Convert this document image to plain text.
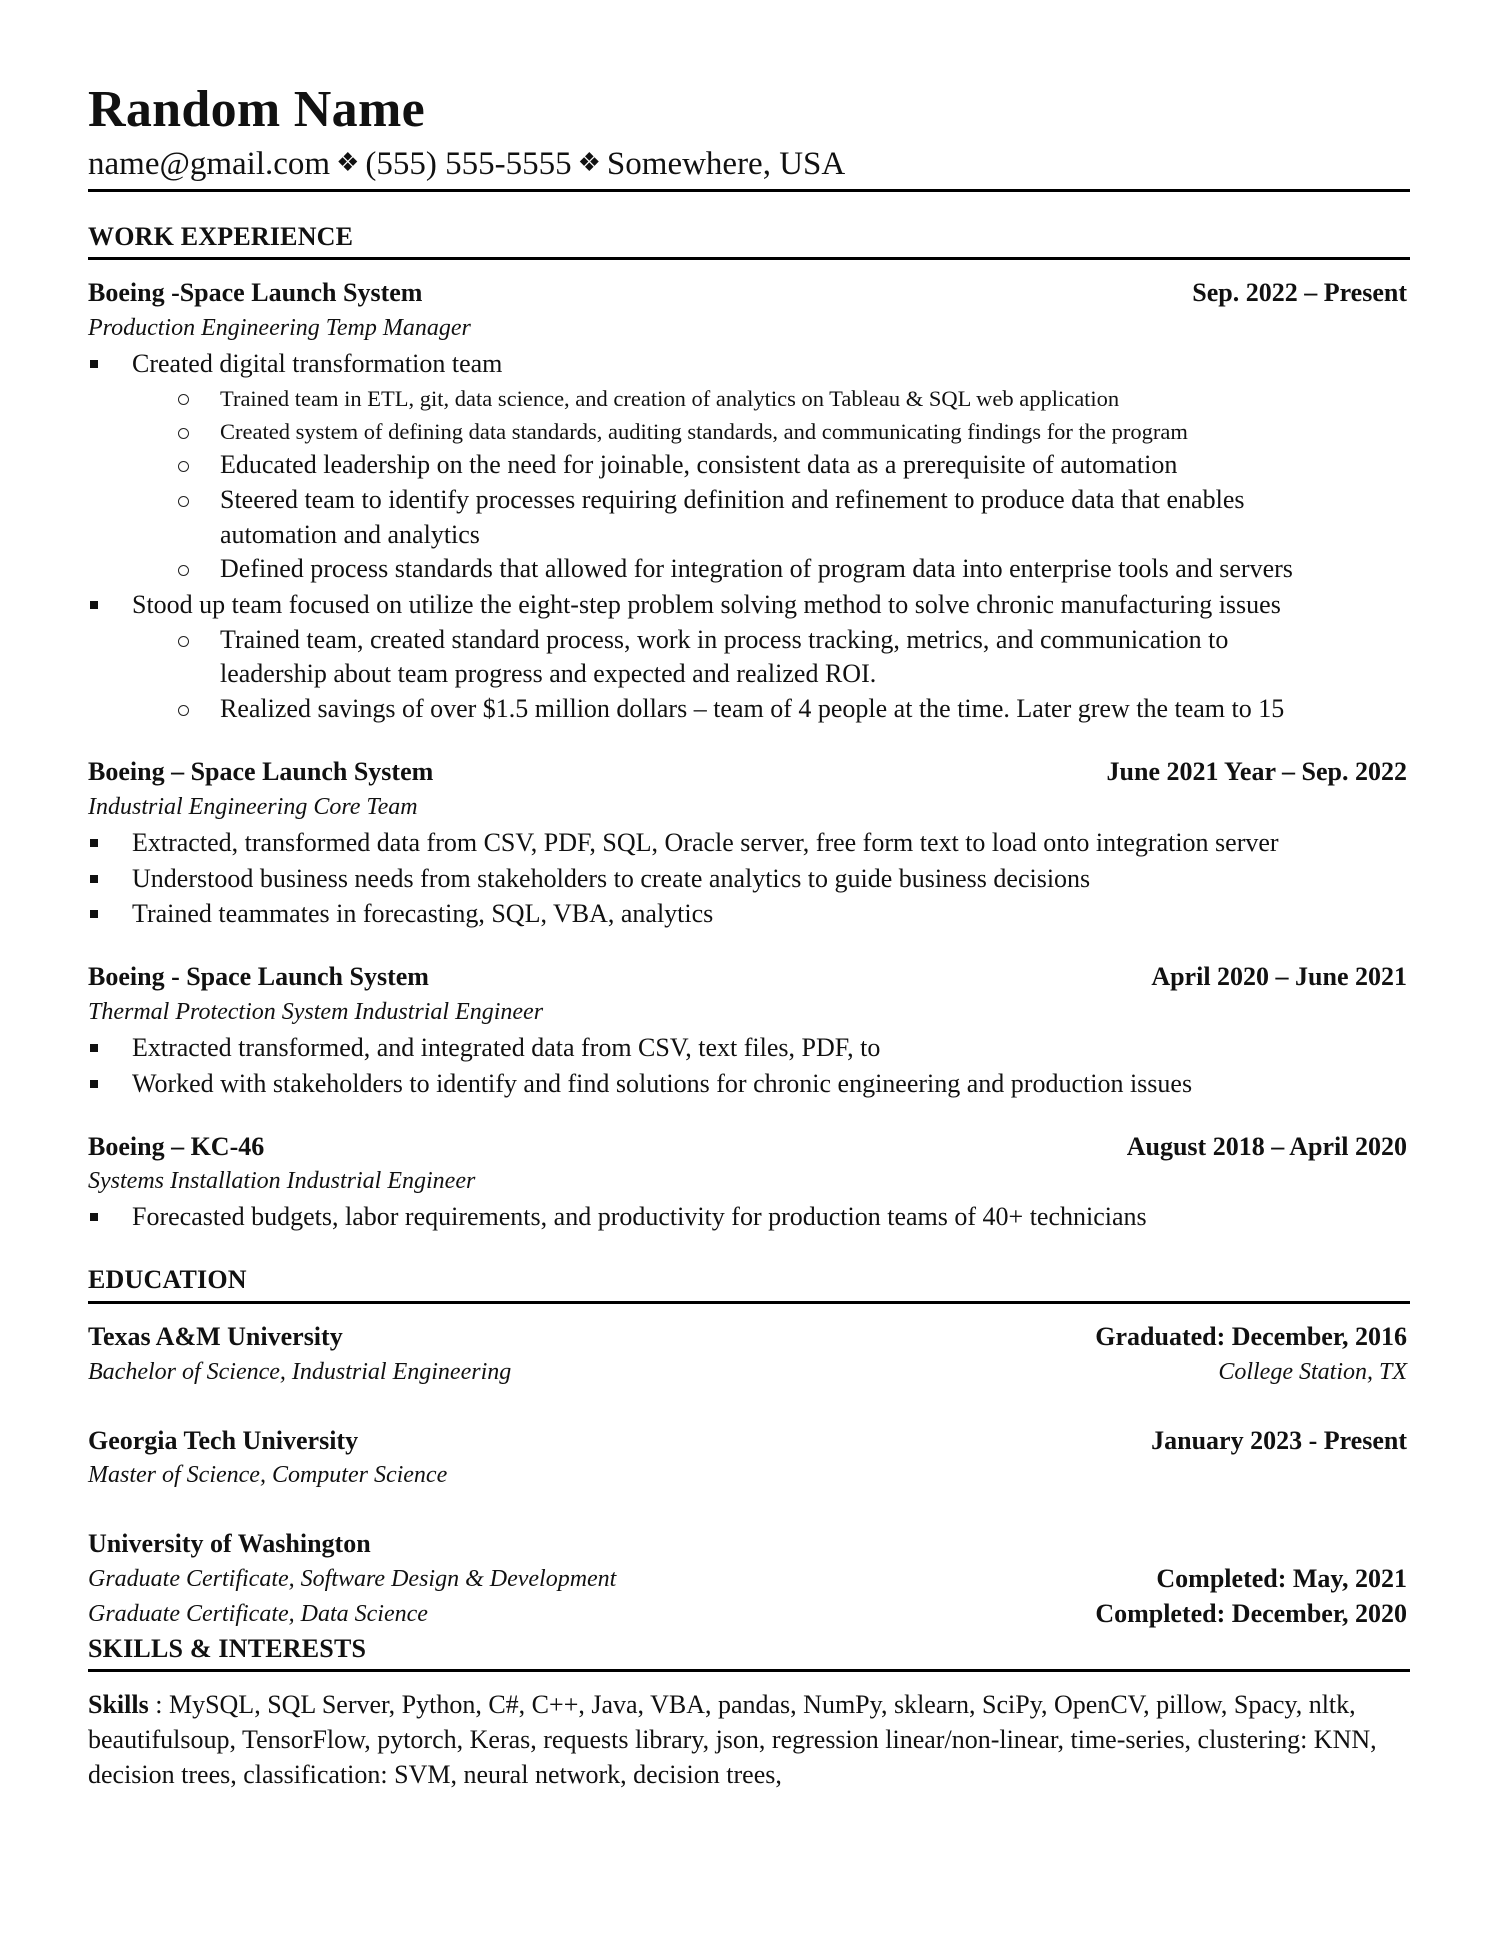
Random Name
name@gmail.com ❖ (555) 555-5555 ❖ Somewhere, USA
WORK EXPERIENCE
Boeing -Space Launch System	Sep. 2022 – Present
Production Engineering Temp Manager
Created digital transformation team
Trained team in ETL, git, data science, and creation of analytics on Tableau & SQL web application
Created system of defining data standards, auditing standards, and communicating findings for the program
Educated leadership on the need for joinable, consistent data as a prerequisite of automation
Steered team to identify processes requiring definition and refinement to produce data that enables
automation and analytics
Defined process standards that allowed for integration of program data into enterprise tools and servers
Stood up team focused on utilize the eight-step problem solving method to solve chronic manufacturing issues
Trained team, created standard process, work in process tracking, metrics, and communication to
leadership about team progress and expected and realized ROI.
Realized savings of over $1.5 million dollars – team of 4 people at the time. Later grew the team to 15
Boeing – Space Launch System	June 2021 Year – Sep. 2022
Industrial Engineering Core Team
Extracted, transformed data from CSV, PDF, SQL, Oracle server, free form text to load onto integration server
Understood business needs from stakeholders to create analytics to guide business decisions
Trained teammates in forecasting, SQL, VBA, analytics
Boeing - Space Launch System	April 2020 – June 2021
Thermal Protection System Industrial Engineer
Extracted transformed, and integrated data from CSV, text files, PDF, to
Worked with stakeholders to identify and find solutions for chronic engineering and production issues
Boeing – KC-46	August 2018 – April 2020
Systems Installation Industrial Engineer
Forecasted budgets, labor requirements, and productivity for production teams of 40+ technicians
EDUCATION
Texas A&M University	Graduated: December, 2016
Bachelor of Science, Industrial Engineering	College Station, TX
Georgia Tech University	January 2023 - Present
Master of Science, Computer Science
University of Washington
Graduate Certificate, Software Design & Development	Completed: May, 2021
Graduate Certificate, Data Science	Completed: December, 2020
SKILLS & INTERESTS
Skills : MySQL, SQL Server, Python, C#, C++, Java, VBA, pandas, NumPy, sklearn, SciPy, OpenCV, pillow, Spacy, nltk, beautifulsoup, TensorFlow, pytorch, Keras, requests library, json, regression linear/non-linear, time-series, clustering: KNN, decision trees, classification: SVM, neural network, decision trees,
